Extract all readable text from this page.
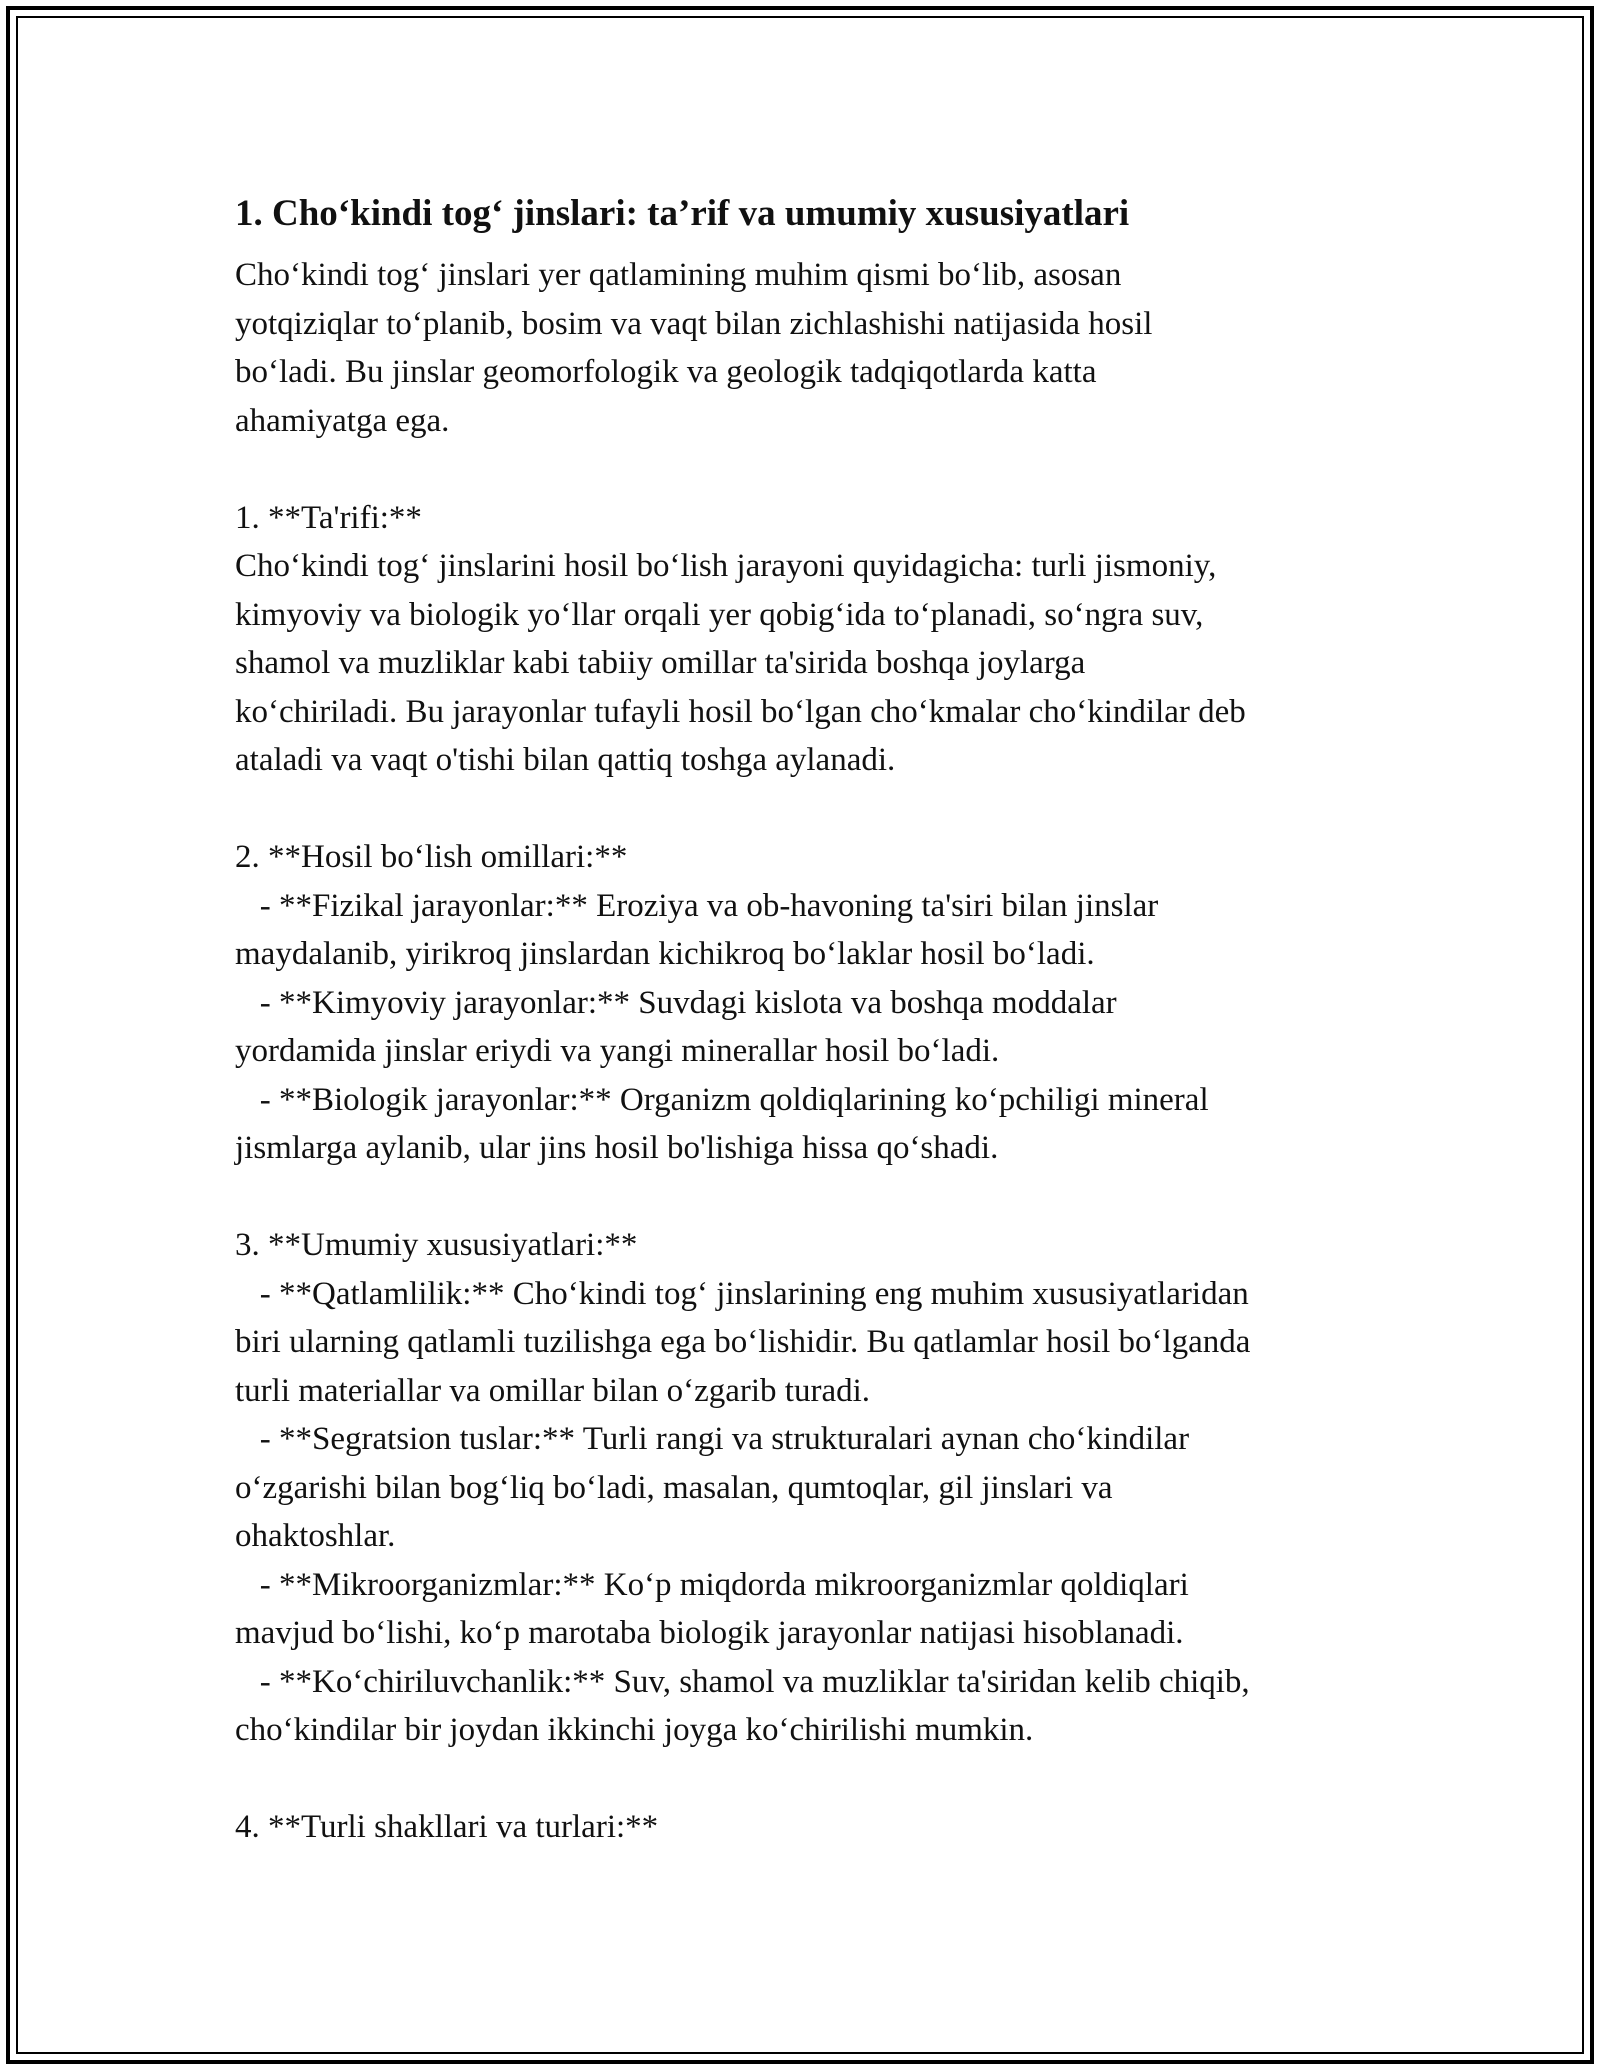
1. Cho‘kindi tog‘ jinslari: ta’rif va umumiy xususiyatlari
Cho‘kindi tog‘ jinslari yer qatlamining muhim qismi bo‘lib, asosan
yotqiziqlar to‘planib, bosim va vaqt bilan zichlashishi natijasida hosil
bo‘ladi. Bu jinslar geomorfologik va geologik tadqiqotlarda katta
ahamiyatga ega.
1. **Ta'rifi:**
Cho‘kindi tog‘ jinslarini hosil bo‘lish jarayoni quyidagicha: turli jismoniy,
kimyoviy va biologik yo‘llar orqali yer qobig‘ida to‘planadi, so‘ngra suv,
shamol va muzliklar kabi tabiiy omillar ta'sirida boshqa joylarga
ko‘chiriladi. Bu jarayonlar tufayli hosil bo‘lgan cho‘kmalar cho‘kindilar deb
ataladi va vaqt o'tishi bilan qattiq toshga aylanadi.
2. **Hosil bo‘lish omillari:**
- **Fizikal jarayonlar:** Eroziya va ob-havoning ta'siri bilan jinslar
maydalanib, yirikroq jinslardan kichikroq bo‘laklar hosil bo‘ladi.
- **Kimyoviy jarayonlar:** Suvdagi kislota va boshqa moddalar
yordamida jinslar eriydi va yangi minerallar hosil bo‘ladi.
- **Biologik jarayonlar:** Organizm qoldiqlarining ko‘pchiligi mineral
jismlarga aylanib, ular jins hosil bo'lishiga hissa qo‘shadi.
3. **Umumiy xususiyatlari:**
- **Qatlamlilik:** Cho‘kindi tog‘ jinslarining eng muhim xususiyatlaridan
biri ularning qatlamli tuzilishga ega bo‘lishidir. Bu qatlamlar hosil bo‘lganda
turli materiallar va omillar bilan o‘zgarib turadi.
- **Segratsion tuslar:** Turli rangi va strukturalari aynan cho‘kindilar
o‘zgarishi bilan bog‘liq bo‘ladi, masalan, qumtoqlar, gil jinslari va
ohaktoshlar.
- **Mikroorganizmlar:** Ko‘p miqdorda mikroorganizmlar qoldiqlari
mavjud bo‘lishi, ko‘p marotaba biologik jarayonlar natijasi hisoblanadi.
- **Ko‘chiriluvchanlik:** Suv, shamol va muzliklar ta'siridan kelib chiqib,
cho‘kindilar bir joydan ikkinchi joyga ko‘chirilishi mumkin.
4. **Turli shakllari va turlari:**
